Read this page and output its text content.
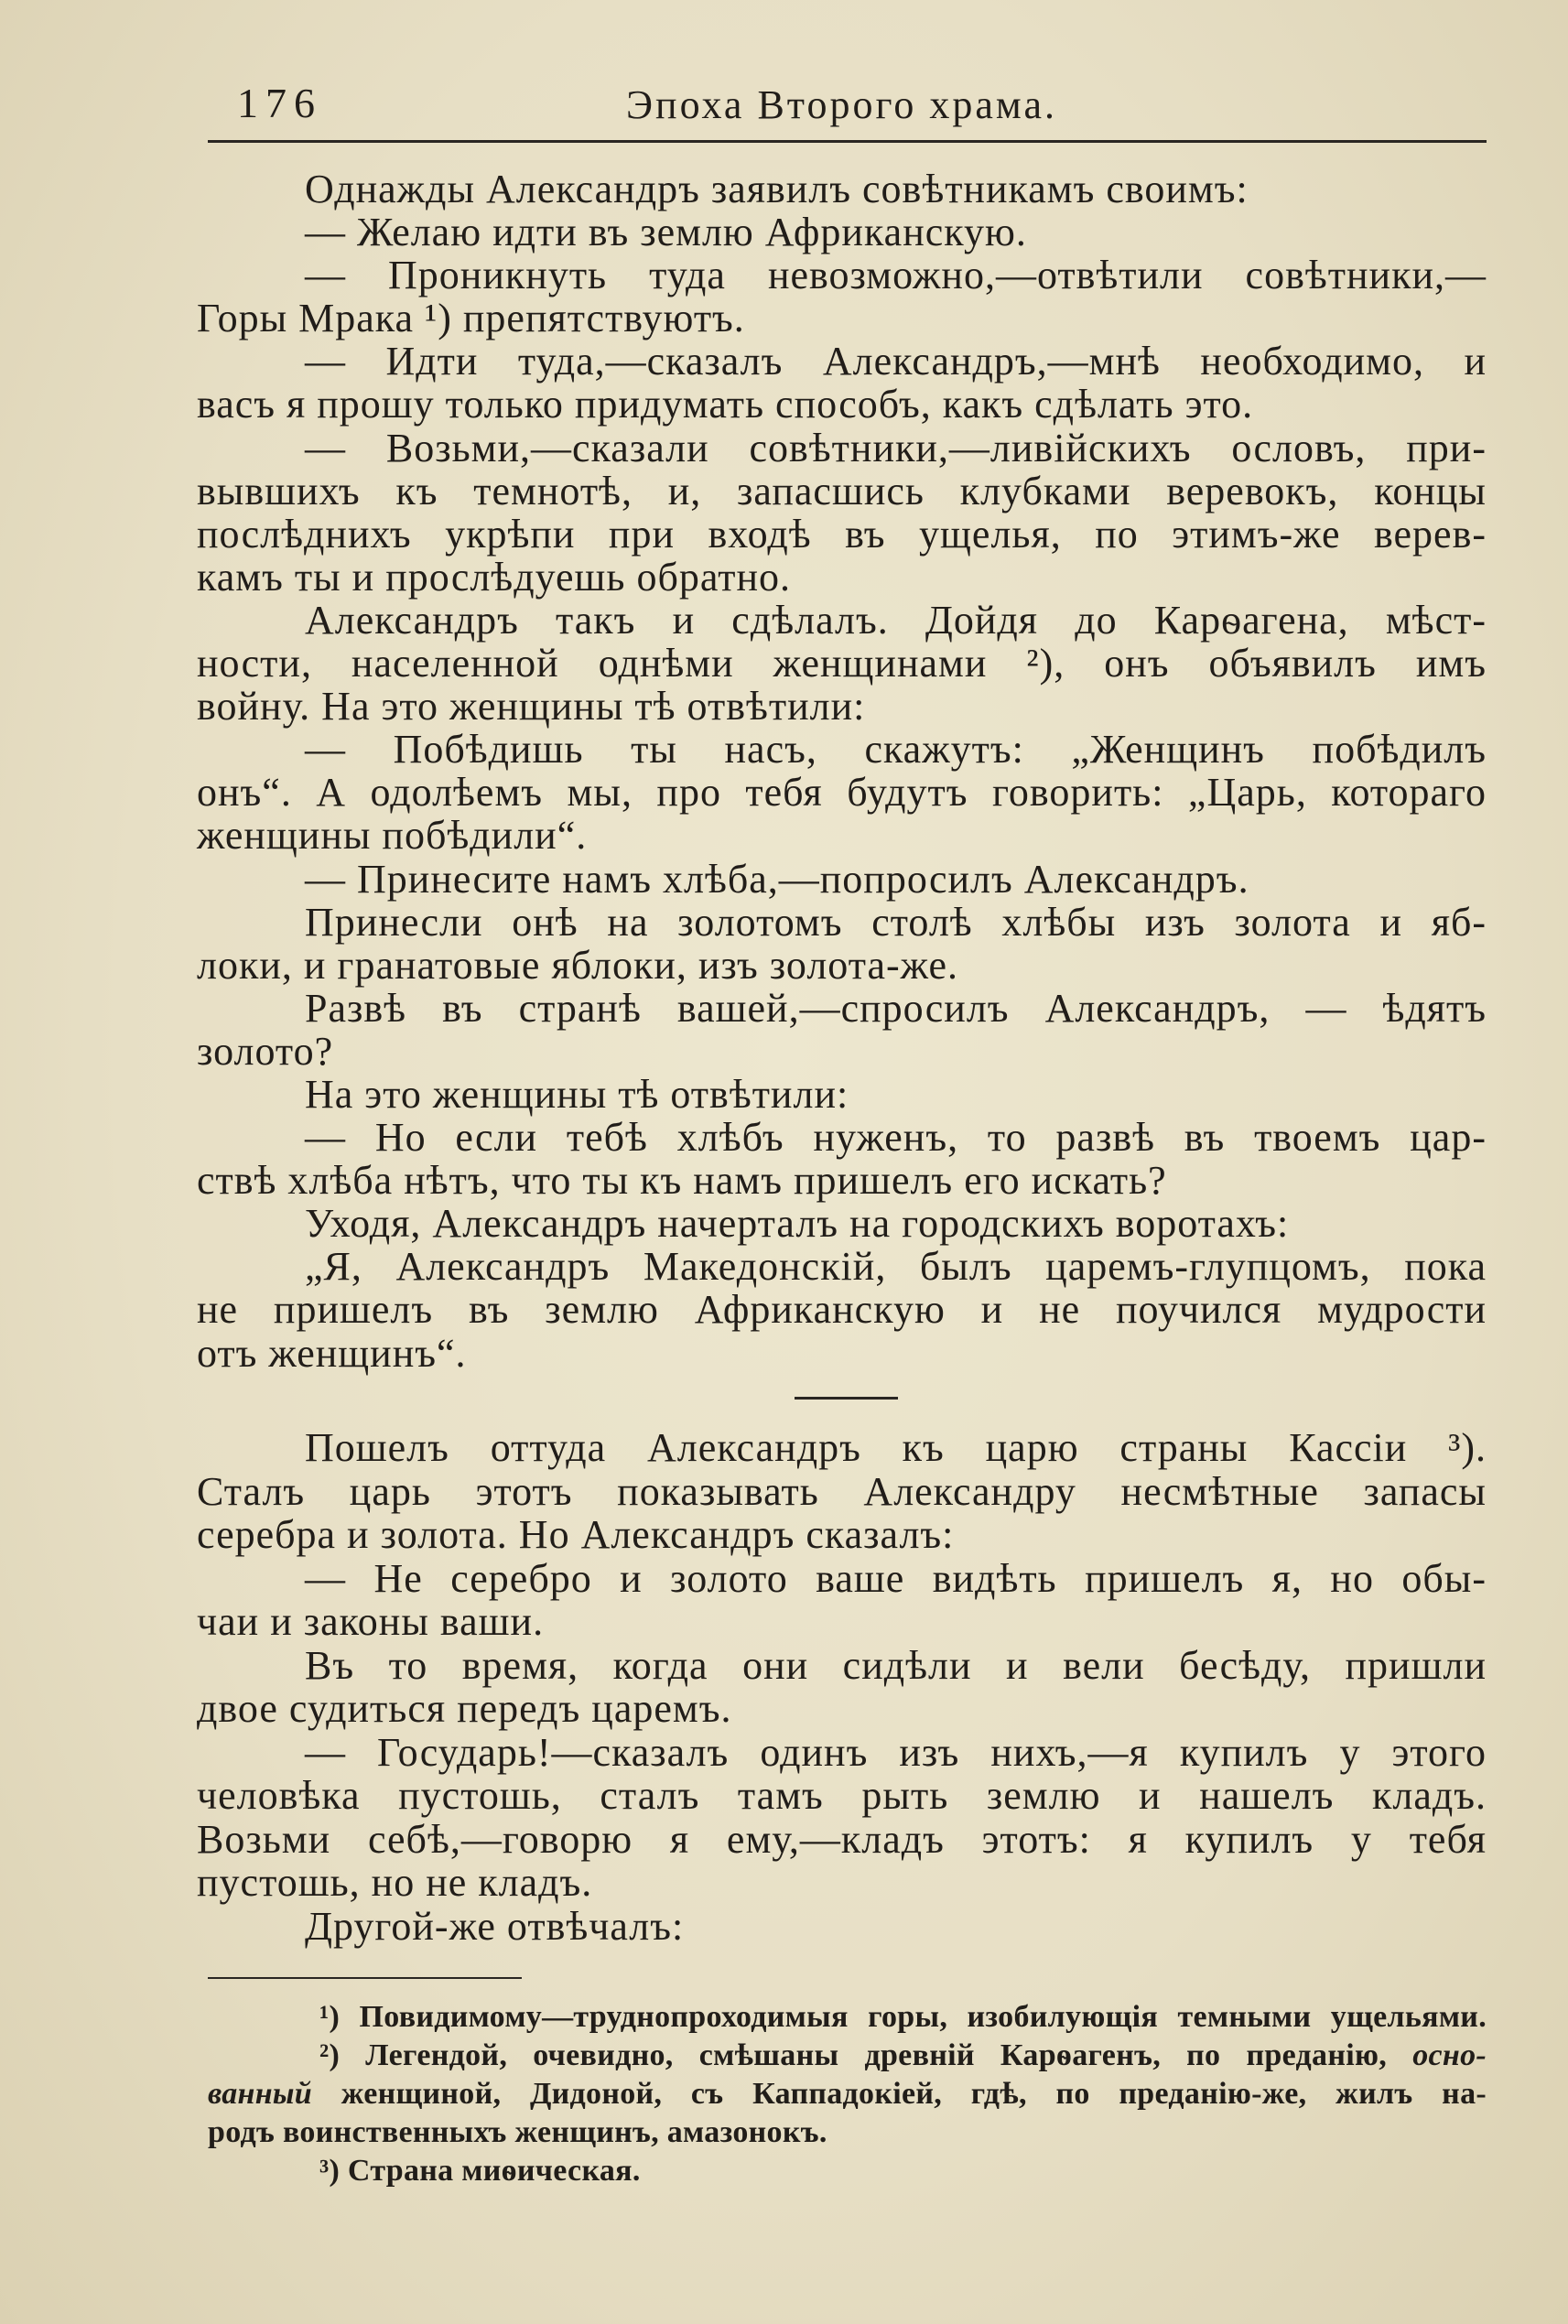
176	Эпоха Второго храма.
Однажды Александръ заявилъ совѣтникамъ своимъ:
— Желаю идти въ землю Африканскую.
— Проникнуть туда невозможно,—отвѣтили совѣтники,—
Горы Мрака ¹) препятствуютъ.
— Идти туда,—сказалъ Александръ,—мнѣ необходимо, и
васъ я прошу только придумать способъ, какъ сдѣлать это.
— Возьми,—сказали совѣтники,—ливійскихъ ословъ, при-
вывшихъ къ темнотѣ, и, запасшись клубками веревокъ, концы
послѣднихъ укрѣпи при входѣ въ ущелья, по этимъ-же верев-
камъ ты и прослѣдуешь обратно.
Александръ такъ и сдѣлалъ. Дойдя до Карѳагена, мѣст-
ности, населенной однѣми женщинами ²), онъ объявилъ имъ
войну. На это женщины тѣ отвѣтили:
— Побѣдишь ты насъ, скажутъ: „Женщинъ побѣдилъ
онъ“. А одолѣемъ мы, про тебя будутъ говорить: „Царь, котораго
женщины побѣдили“.
— Принесите намъ хлѣба,—попросилъ Александръ.
Принесли онѣ на золотомъ столѣ хлѣбы изъ золота и яб-
локи, и гранатовые яблоки, изъ золота-же.
Развѣ въ странѣ вашей,—спросилъ Александръ, — ѣдятъ
золото?
На это женщины тѣ отвѣтили:
— Но если тебѣ хлѣбъ нуженъ, то развѣ въ твоемъ цар-
ствѣ хлѣба нѣтъ, что ты къ намъ пришелъ его искать?
Уходя, Александръ начерталъ на городскихъ воротахъ:
„Я, Александръ Македонскій, былъ царемъ-глупцомъ, пока
не пришелъ въ землю Африканскую и не поучился мудрости
отъ женщинъ“.
Пошелъ оттуда Александръ къ царю страны Кассіи ³).
Сталъ царь этотъ показывать Александру несмѣтные запасы
серебра и золота. Но Александръ сказалъ:
— Не серебро и золото ваше видѣть пришелъ я, но обы-
чаи и законы ваши.
Въ то время, когда они сидѣли и вели бесѣду, пришли
двое судиться передъ царемъ.
— Государь!—сказалъ одинъ изъ нихъ,—я купилъ у этого
человѣка пустошь, сталъ тамъ рыть землю и нашелъ кладъ.
Возьми себѣ,—говорю я ему,—кладъ этотъ: я купилъ у тебя
пустошь, но не кладъ.
Другой-же отвѣчалъ:
¹) Повидимому—труднопроходимыя горы, изобилующія темными ущельями.
²) Легендой, очевидно, смѣшаны древній Карѳагенъ, по преданію, осно-
ванный женщиной, Дидоной, съ Каппадокіей, гдѣ, по преданію-же, жилъ на-
родъ воинственныхъ женщинъ, амазонокъ.
³) Страна миѳическая.
